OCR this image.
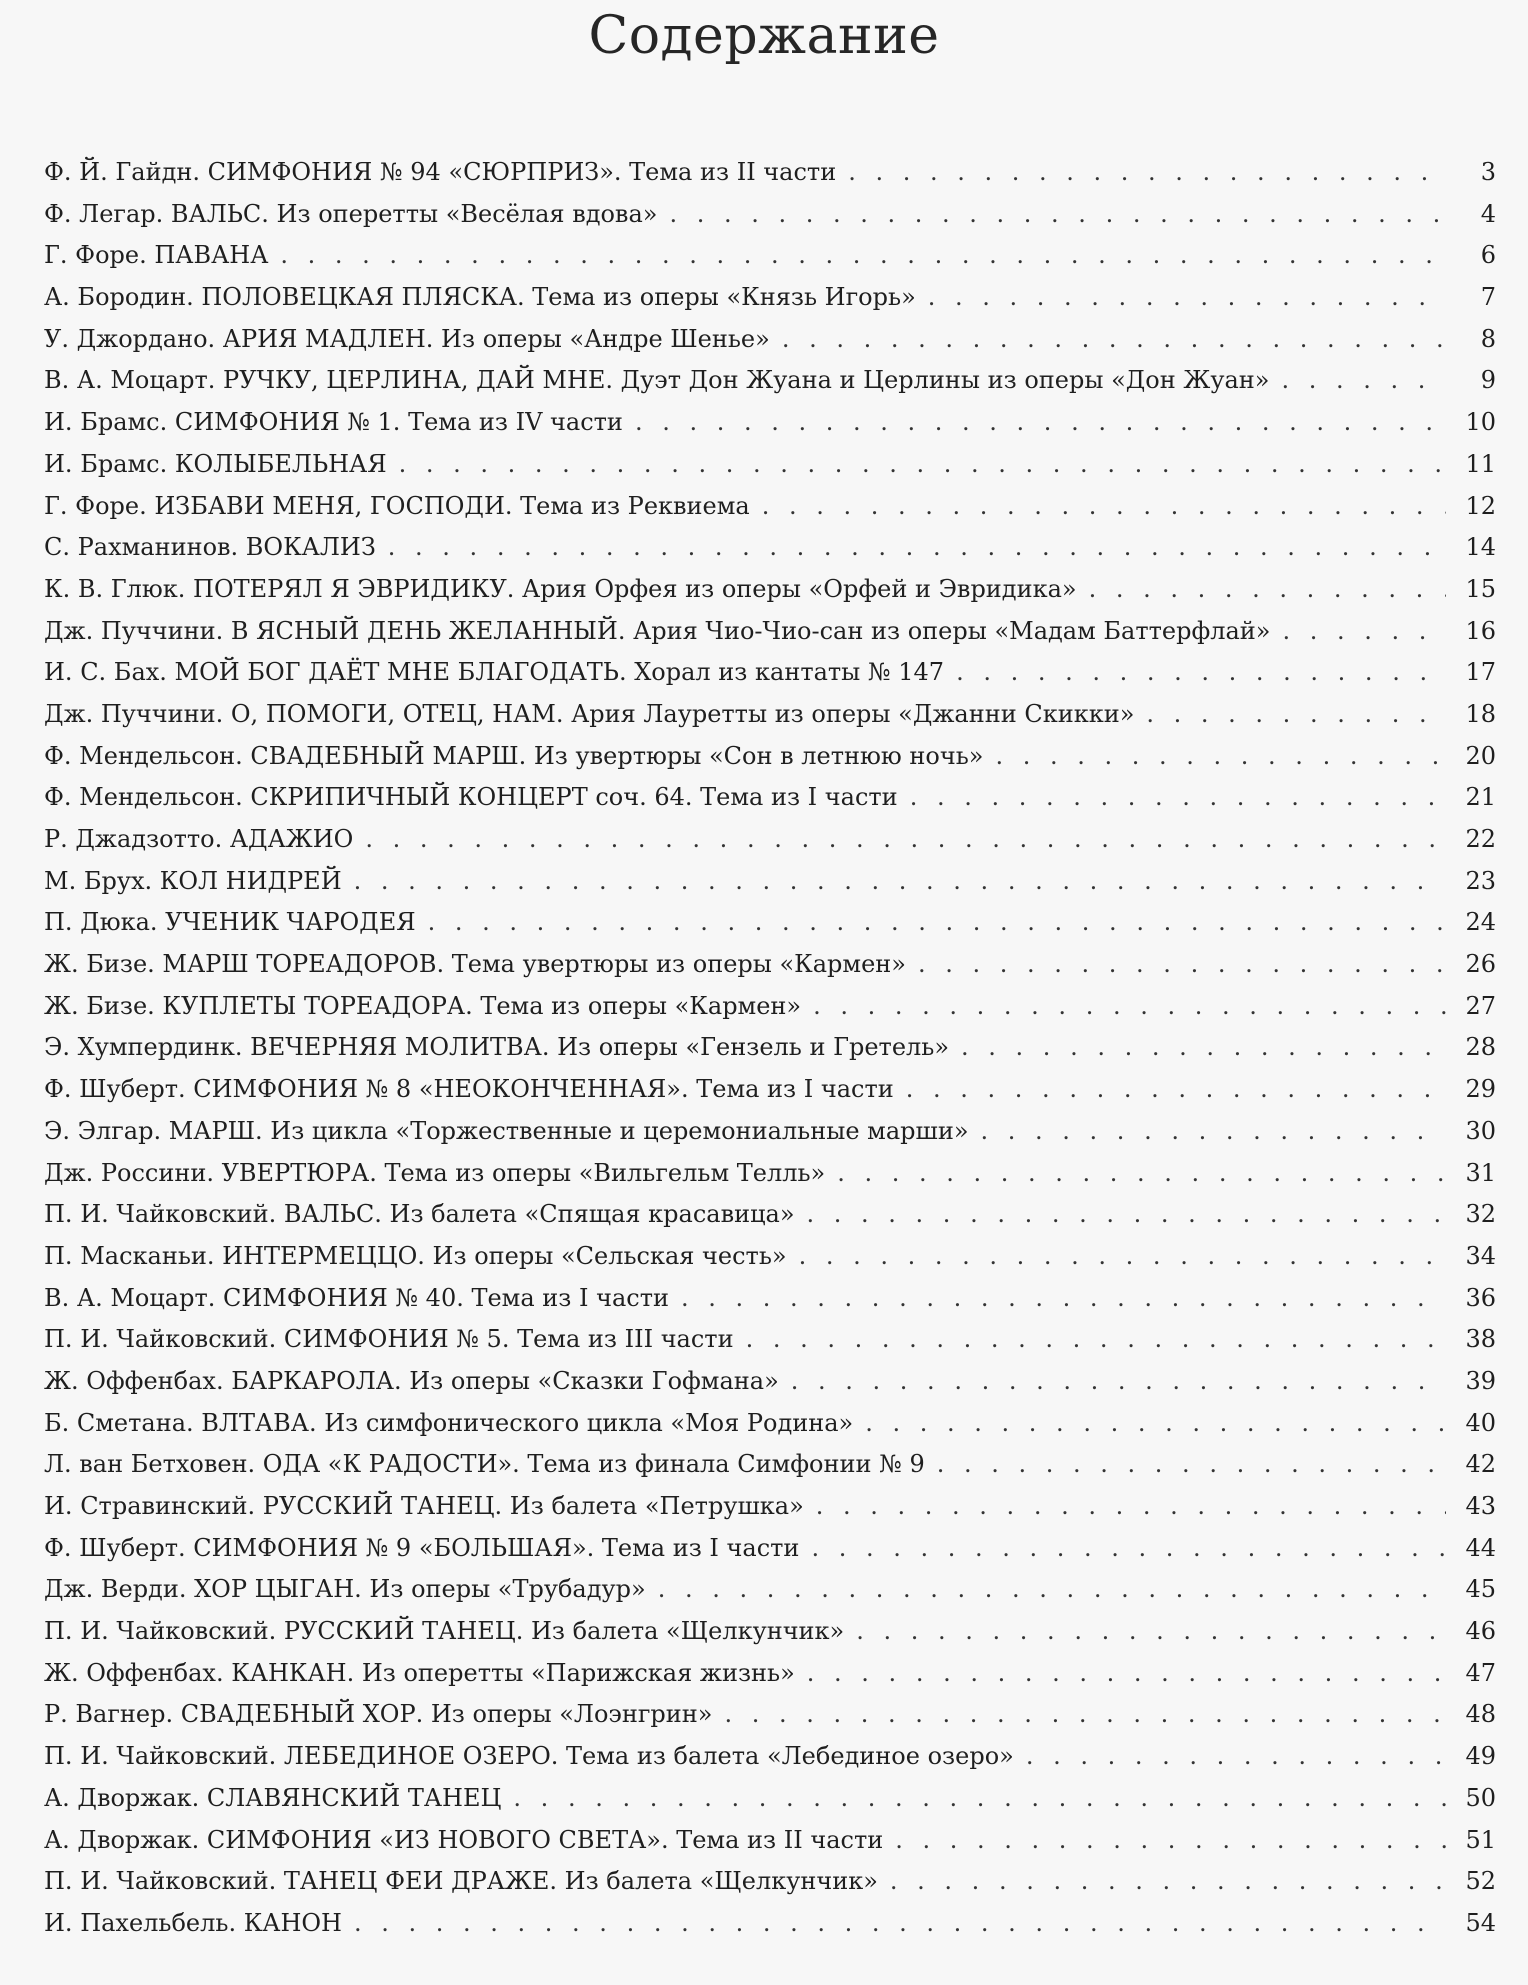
Содержание
Ф. Й. Гайдн. СИМФОНИЯ № 94 «СЮРПРИЗ». Тема из II части . . .	3
Ф. Легар. ВАЛЬС. Из оперетты «Весёлая вдова» . . .	4
Г. Форе. ПАВАНА . . .	6
А. Бородин. ПОЛОВЕЦКАЯ ПЛЯСКА. Тема из оперы «Князь Игорь» . . .	7
У. Джордано. АРИЯ МАДЛЕН. Из оперы «Андре Шенье» . . .	8
В. А. Моцарт. РУЧКУ, ЦЕРЛИНА, ДАЙ МНЕ. Дуэт Дон Жуана и Церлины из оперы «Дон Жуан» . . .	9
И. Брамс. СИМФОНИЯ № 1. Тема из IV части . . .	10
И. Брамс. КОЛЫБЕЛЬНАЯ . . .	11
Г. Форе. ИЗБАВИ МЕНЯ, ГОСПОДИ. Тема из Реквиема . . .	12
С. Рахманинов. ВОКАЛИЗ . . .	14
К. В. Глюк. ПОТЕРЯЛ Я ЭВРИДИКУ. Ария Орфея из оперы «Орфей и Эвридика» . . .	15
Дж. Пуччини. В ЯСНЫЙ ДЕНЬ ЖЕЛАННЫЙ. Ария Чио-Чио-сан из оперы «Мадам Баттерфлай» . . .	16
И. С. Бах. МОЙ БОГ ДАЁТ МНЕ БЛАГОДАТЬ. Хорал из кантаты № 147 . . .	17
Дж. Пуччини. О, ПОМОГИ, ОТЕЦ, НАМ. Ария Лауретты из оперы «Джанни Скикки» . . .	18
Ф. Мендельсон. СВАДЕБНЫЙ МАРШ. Из увертюры «Сон в летнюю ночь» . . .	20
Ф. Мендельсон. СКРИПИЧНЫЙ КОНЦЕРТ соч. 64. Тема из I части . . .	21
Р. Джадзотто. АДАЖИО . . .	22
М. Брух. КОЛ НИДРЕЙ . . .	23
П. Дюка. УЧЕНИК ЧАРОДЕЯ . . .	24
Ж. Бизе. МАРШ ТОРЕАДОРОВ. Тема увертюры из оперы «Кармен» . . .	26
Ж. Бизе. КУПЛЕТЫ ТОРЕАДОРА. Тема из оперы «Кармен» . . .	27
Э. Хумпердинк. ВЕЧЕРНЯЯ МОЛИТВА. Из оперы «Гензель и Гретель» . . .	28
Ф. Шуберт. СИМФОНИЯ № 8 «НЕОКОНЧЕННАЯ». Тема из I части . . .	29
Э. Элгар. МАРШ. Из цикла «Торжественные и церемониальные марши» . . .	30
Дж. Россини. УВЕРТЮРА. Тема из оперы «Вильгельм Телль» . . .	31
П. И. Чайковский. ВАЛЬС. Из балета «Спящая красавица» . . .	32
П. Масканьи. ИНТЕРМЕЦЦО. Из оперы «Сельская честь» . . .	34
В. А. Моцарт. СИМФОНИЯ № 40. Тема из I части . . .	36
П. И. Чайковский. СИМФОНИЯ № 5. Тема из III части . . .	38
Ж. Оффенбах. БАРКАРОЛА. Из оперы «Сказки Гофмана» . . .	39
Б. Сметана. ВЛТАВА. Из симфонического цикла «Моя Родина» . . .	40
Л. ван Бетховен. ОДА «К РАДОСТИ». Тема из финала Симфонии № 9 . . .	42
И. Стравинский. РУССКИЙ ТАНЕЦ. Из балета «Петрушка» . . .	43
Ф. Шуберт. СИМФОНИЯ № 9 «БОЛЬШАЯ». Тема из I части . . .	44
Дж. Верди. ХОР ЦЫГАН. Из оперы «Трубадур» . . .	45
П. И. Чайковский. РУССКИЙ ТАНЕЦ. Из балета «Щелкунчик» . . .	46
Ж. Оффенбах. КАНКАН. Из оперетты «Парижская жизнь» . . .	47
Р. Вагнер. СВАДЕБНЫЙ ХОР. Из оперы «Лоэнгрин» . . .	48
П. И. Чайковский. ЛЕБЕДИНОЕ ОЗЕРО. Тема из балета «Лебединое озеро» . . .	49
А. Дворжак. СЛАВЯНСКИЙ ТАНЕЦ . . .	50
А. Дворжак. СИМФОНИЯ «ИЗ НОВОГО СВЕТА». Тема из II части . . .	51
П. И. Чайковский. ТАНЕЦ ФЕИ ДРАЖЕ. Из балета «Щелкунчик» . . .	52
И. Пахельбель. КАНОН . . .	54
